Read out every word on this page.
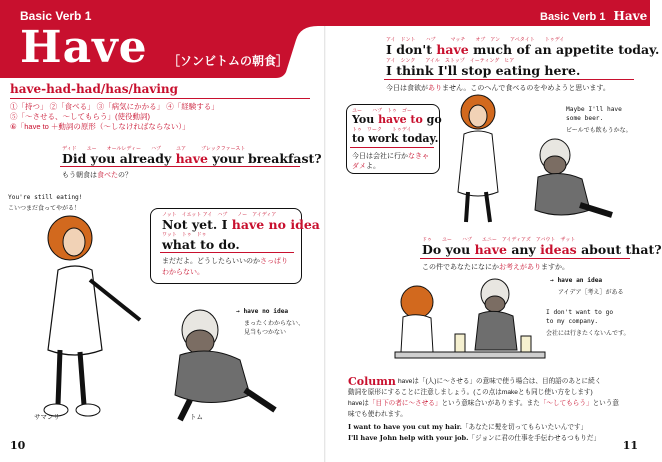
Basic Verb 1
Have ［ソンビトムの朝食］
Basic Verb 1 Have
have-had-had/has/having
①「持つ」 ②「食べる」 ③「病気にかかる」 ④「経験する」
⑤「～させる、～してもらう」(使役動詞)
⑥「have to ＋動詞の原形（～しなければならない）」
ディド　　ユー　　オールレディー　　ハブ　　　ユア　　　ブレックファースト
Did you already have your breakfast?
もう朝食は食べたの？
You're still eating!
こいつまだ食ってやがる！
ノット　イエット アイ　ハブ　　ノー　アイディア
Not yet. I have no idea
ワット　トゥ　ドゥ
what to do.
まだだよ。どうしたらいいのかさっぱり
わからない。
→ have no idea
まったくわからない、
見当もつかない
サマンサ	トム
10
アイ　ドント　　ハブ　　　マッチ　　オブ　アン　　アペタイト　　トゥデイ
I don't have much of an appetite today.
アイ　シンク　　アイル　ストップ　イーティング　ヒア
I think I'll stop eating here.
今日は食欲がありません。このへんで食べるのをやめようと思います。
ユー　　ハブ　トゥ　ゴー
You have to go
トゥ　ワーク　　トゥデイ
to work today.
今日は会社に行かなきゃ
ダメよ。
Maybe I'll have
some beer.
ビールでも飲もうかな。
ドゥ　　ユー　　ハブ　　エニー　アイディアズ　アバウト　ザット
Do you have any ideas about that?
この件であなたになにかお考えがありますか。
→ have an idea
アイデア［考え］がある
I don't want to go
to my company.
会社には行きたくないんです。
Column haveは「(人)に～させる」の意味で使う場合は、目的語のあとに続く
動詞を原形にすることに注意しましょう。(この点はmakeとも同じ使い方をします)
haveは「目下の者に～させる」という意味合いがあります。また「～してもらう」という意
味でも使われます。
I want to have you cut my hair.「あなたに髪を切ってもらいたいんです」
I'll have John help with your job.「ジョンに君の仕事を手伝わせるつもりだ」
11
